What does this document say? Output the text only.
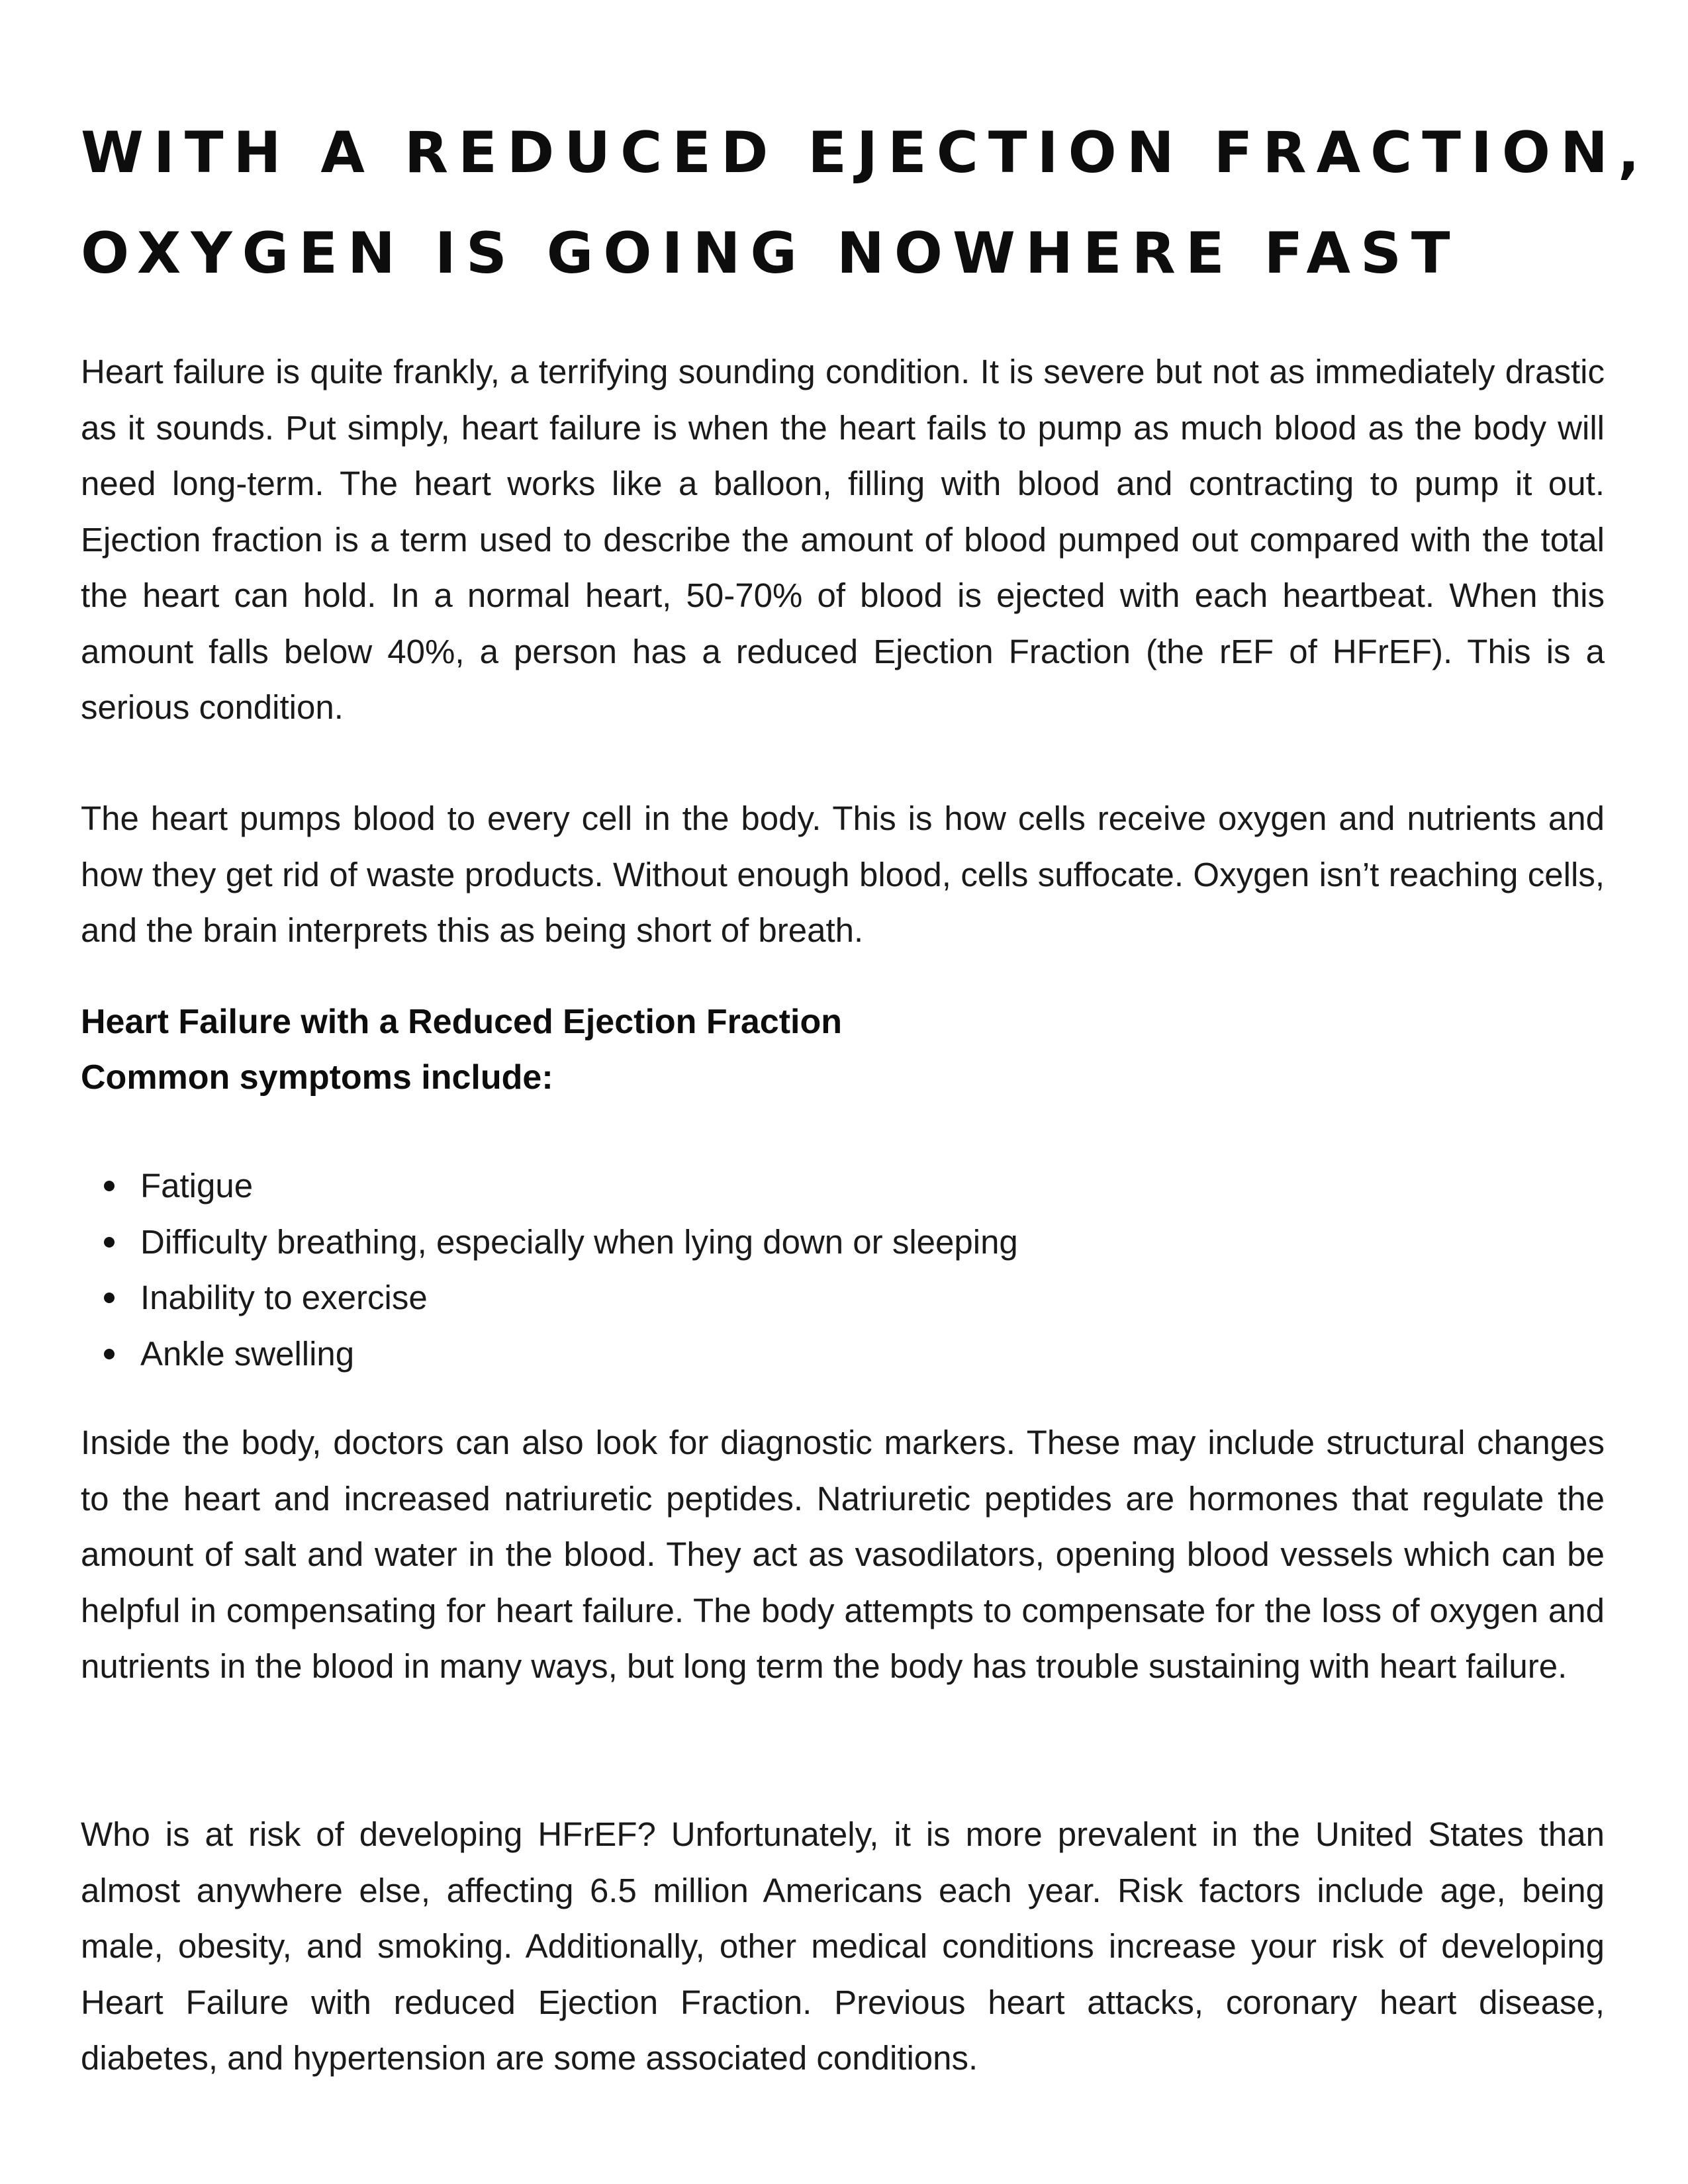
WITH A REDUCED EJECTION FRACTION,
OXYGEN IS GOING NOWHERE FAST

Heart failure is quite frankly, a terrifying sounding condition. It is severe but not as immediately drastic as it sounds. Put simply, heart failure is when the heart fails to pump as much blood as the body will need long-term. The heart works like a balloon, filling with blood and contracting to pump it out. Ejection fraction is a term used to describe the amount of blood pumped out compared with the total the heart can hold. In a normal heart, 50-70% of blood is ejected with each heartbeat. When this amount falls below 40%, a person has a reduced Ejection Fraction (the rEF of HFrEF). This is a serious condition.

The heart pumps blood to every cell in the body. This is how cells receive oxygen and nutrients and how they get rid of waste products. Without enough blood, cells suffocate. Oxygen isn’t reaching cells, and the brain interprets this as being short of breath.

Heart Failure with a Reduced Ejection Fraction

Common symptoms include:

Fatigue
Difficulty breathing, especially when lying down or sleeping
Inability to exercise
Ankle swelling

Inside the body, doctors can also look for diagnostic markers. These may include structural changes to the heart and increased natriuretic peptides. Natriuretic peptides are hormones that regulate the amount of salt and water in the blood. They act as vasodilators, opening blood vessels which can be helpful in compensating for heart failure. The body attempts to compensate for the loss of oxygen and nutrients in the blood in many ways, but long term the body has trouble sustaining with heart failure.

Who is at risk of developing HFrEF? Unfortunately, it is more prevalent in the United States than almost anywhere else, affecting 6.5 million Americans each year. Risk factors include age, being male, obesity, and smoking. Additionally, other medical conditions increase your risk of developing Heart Failure with reduced Ejection Fraction. Previous heart attacks, coronary heart disease, diabetes, and hypertension are some associated conditions.
